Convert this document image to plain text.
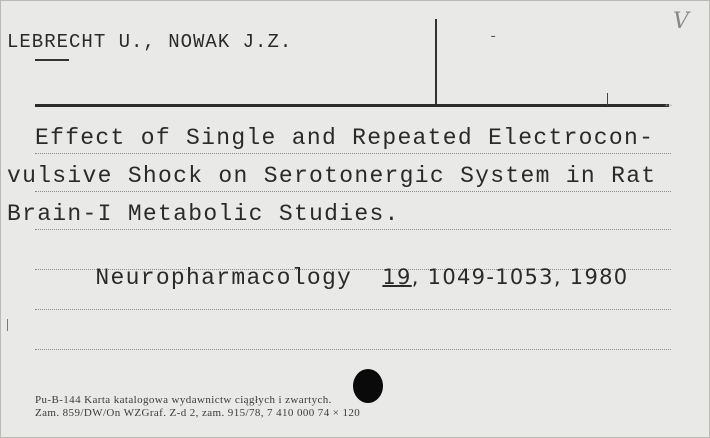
LEBRECHT U., NOWAK J.Z.
V
-
←
Effect of Single and Repeated Electrocon-
vulsive Shock on Serotonergic System in Rat
Brain-I Metabolic Studies.

Neuropharmacology 19, 1049-1053, 1980

Pu-B-144 Karta katalogowa wydawnictw ciągłych i zwartych.
Zam. 859/DW/On WZGraf. Z-d 2, zam. 915/78, 7 410 000 74 × 120
